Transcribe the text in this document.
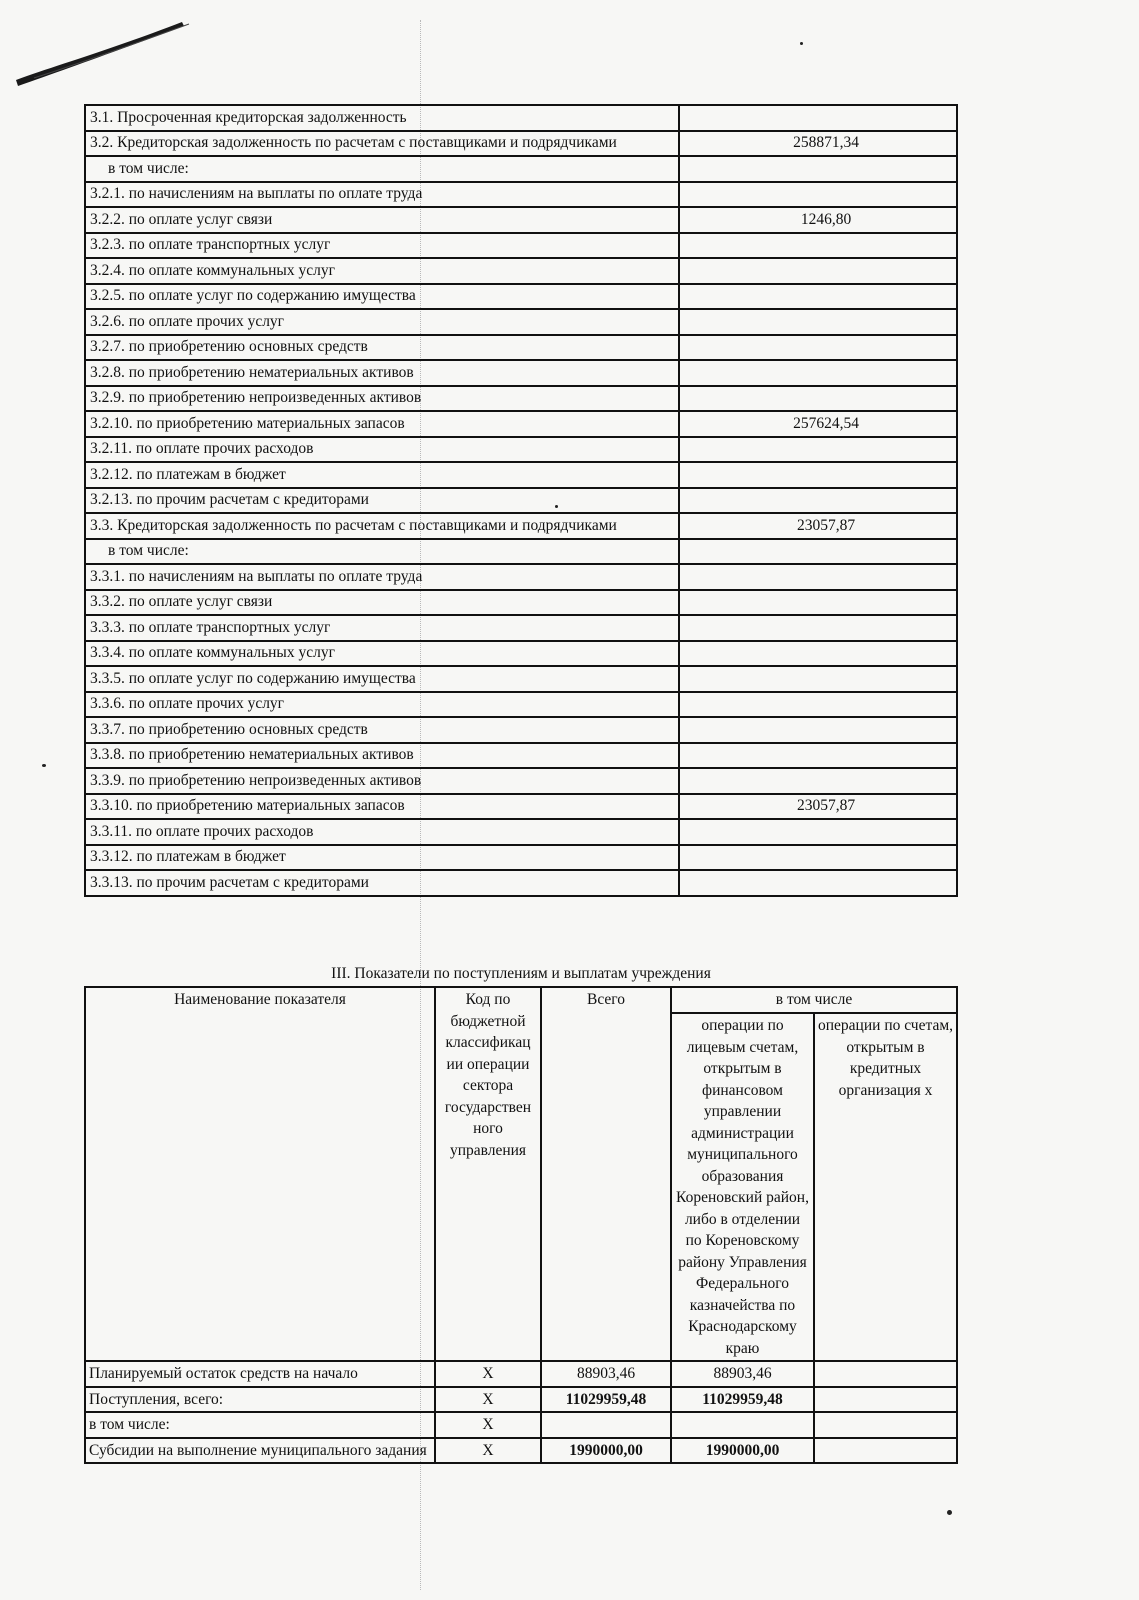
3.1. Просроченная кредиторская задолженность	
3.2. Кредиторская задолженность по расчетам с поставщиками и подрядчиками	258871,34
в том числе:	
3.2.1. по начислениям на выплаты по оплате труда	
3.2.2. по оплате услуг связи	1246,80
3.2.3. по оплате транспортных услуг	
3.2.4. по оплате коммунальных услуг	
3.2.5. по оплате услуг по содержанию имущества	
3.2.6. по оплате прочих услуг	
3.2.7. по приобретению основных средств	
3.2.8. по приобретению нематериальных активов	
3.2.9. по приобретению непроизведенных активов	
3.2.10. по приобретению материальных запасов	257624,54
3.2.11. по оплате прочих расходов	
3.2.12. по платежам в бюджет	
3.2.13. по прочим расчетам с кредиторами	
3.3. Кредиторская задолженность по расчетам с поставщиками и подрядчиками	23057,87
в том числе:	
3.3.1. по начислениям на выплаты по оплате труда	
3.3.2. по оплате услуг связи	
3.3.3. по оплате транспортных услуг	
3.3.4. по оплате коммунальных услуг	
3.3.5. по оплате услуг по содержанию имущества	
3.3.6. по оплате прочих услуг	
3.3.7. по приобретению основных средств	
3.3.8. по приобретению нематериальных активов	
3.3.9. по приобретению непроизведенных активов	
3.3.10. по приобретению материальных запасов	23057,87
3.3.11. по оплате прочих расходов	
3.3.12. по платежам в бюджет	
3.3.13. по прочим расчетам с кредиторами	
III. Показатели по поступлениям и выплатам учреждения
Наименование показателя	Код по бюджетной классификац ии операции сектора государствен ного управления	Всего	в том числе	
			операции по лицевым счетам, открытым в финансовом управлении администрации муниципального образования Кореновский район, либо в отделении по Кореновскому району Управления Федерального казначейства по Краснодарскому краю	операции по счетам, открытым в кредитных организация х
Планируемый остаток средств на начало	Х	88903,46	88903,46	
Поступления, всего:	Х	11029959,48	11029959,48	
в том числе:	Х			
Субсидии на выполнение муниципального задания	Х	1990000,00	1990000,00	
